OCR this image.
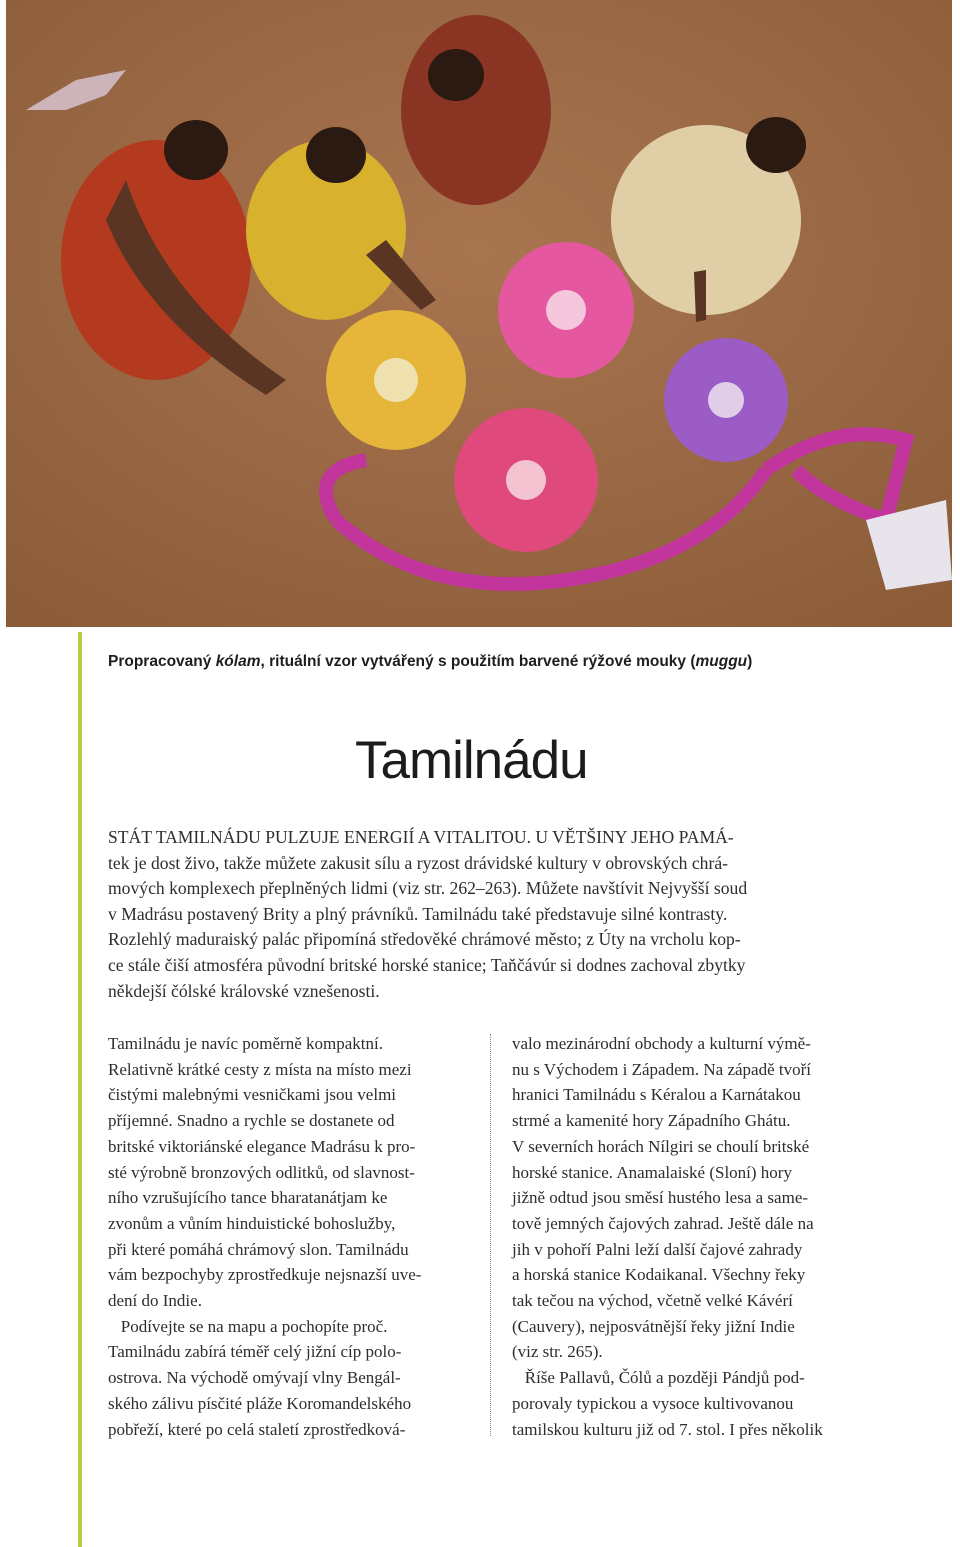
Propracovaný kólam, rituální vzor vytvářený s použitím barvené rýžové mouky (muggu)
Tamilnádu
STÁT TAMILNÁDU PULZUJE ENERGIÍ A VITALITOU. U VĚTŠINY JEHO PAMÁ-
tek je dost živo, takže můžete zakusit sílu a ryzost drávidské kultury v obrovských chrá-
mových komplexech přeplněných lidmi (viz str. 262–263). Můžete navštívit Nejvyšší soud
v Madrásu postavený Brity a plný právníků. Tamilnádu také představuje silné kontrasty.
Rozlehlý maduraiský palác připomíná středověké chrámové město; z Úty na vrcholu kop-
ce stále čiší atmosféra původní britské horské stanice; Taňčávúr si dodnes zachoval zbytky
někdejší čólské královské vznešenosti.
Tamilnádu je navíc poměrně kompaktní.
Relativně krátké cesty z místa na místo mezi
čistými malebnými vesničkami jsou velmi
příjemné. Snadno a rychle se dostanete od
britské viktoriánské elegance Madrásu k pro-
sté výrobně bronzových odlitků, od slavnost-
ního vzrušujícího tance bharatanátjam ke
zvonům a vůním hinduistické bohoslužby,
při které pomáhá chrámový slon. Tamilnádu
vám bezpochyby zprostředkuje nejsnazší uve-
dení do Indie.
Podívejte se na mapu a pochopíte proč.
Tamilnádu zabírá téměř celý jižní cíp polo-
ostrova. Na východě omývají vlny Bengál-
ského zálivu písčité pláže Koromandelského
pobřeží, které po celá staletí zprostředková-
valo mezinárodní obchody a kulturní výmě-
nu s Východem i Západem. Na západě tvoří
hranici Tamilnádu s Kéralou a Karnátakou
strmé a kamenité hory Západního Ghátu.
V severních horách Nílgiri se choulí britské
horské stanice. Anamalaiské (Sloní) hory
jižně odtud jsou směsí hustého lesa a same-
tově jemných čajových zahrad. Ještě dále na
jih v pohoří Palni leží další čajové zahrady
a horská stanice Kodaikanal. Všechny řeky
tak tečou na východ, včetně velké Kávérí
(Cauvery), nejposvátnější řeky jižní Indie
(viz str. 265).
Říše Pallavů, Čólů a později Pándjů pod-
porovaly typickou a vysoce kultivovanou
tamilskou kulturu již od 7. stol. I přes několik
